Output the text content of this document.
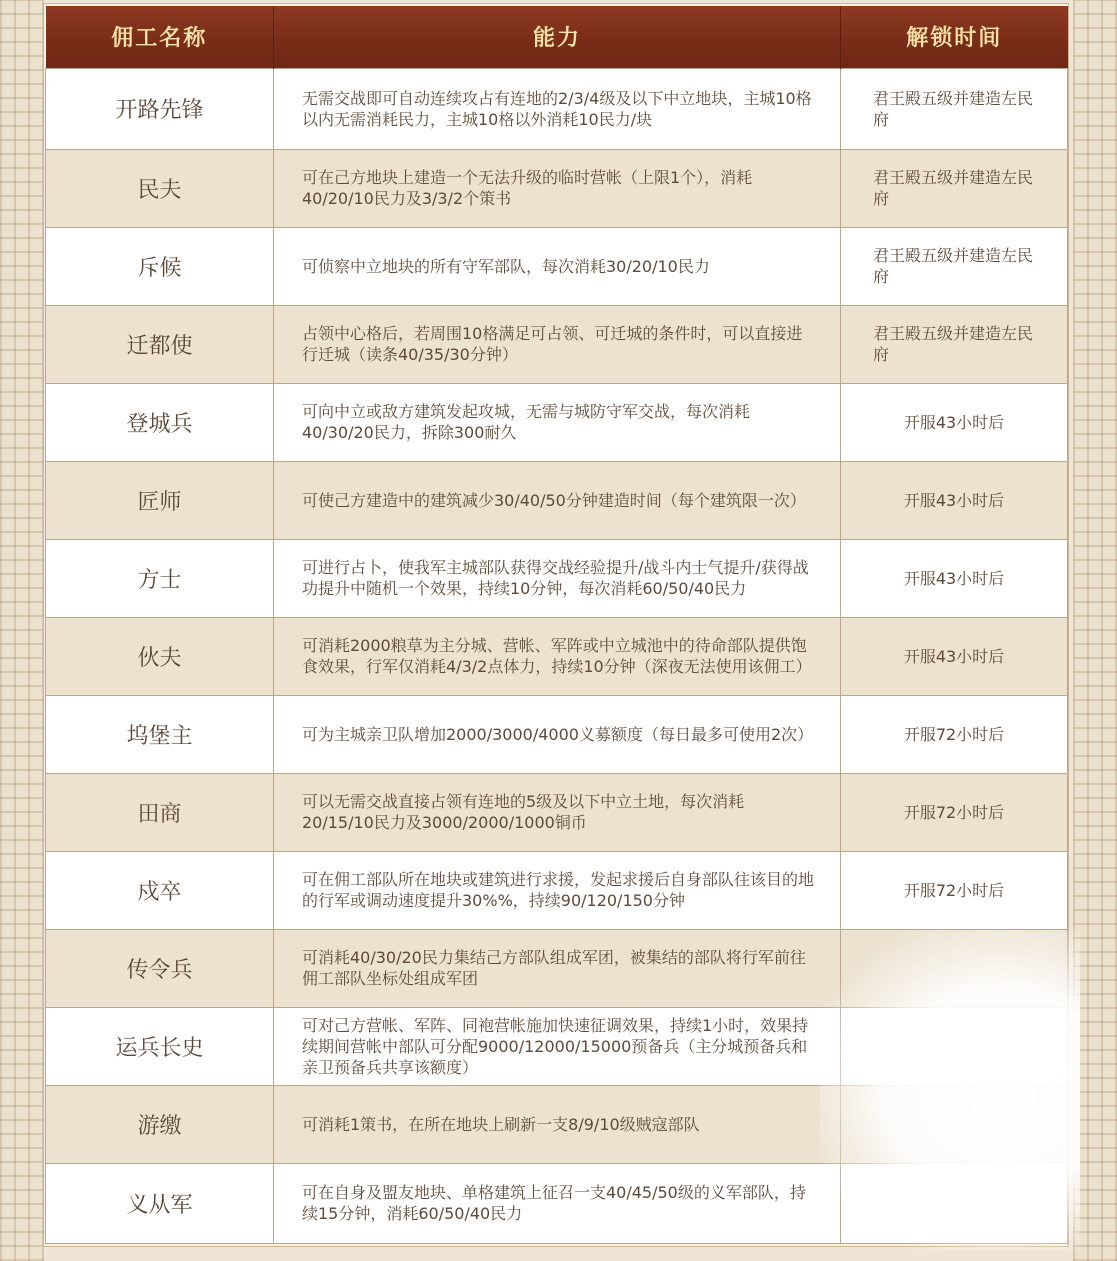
佣工名称	能力	解锁时间
开路先锋	无需交战即可自动连续攻占有连地的2/3/4级及以下中立地块，主城10格以内无需消耗民力，主城10格以外消耗10民力/块	君王殿五级并建造左民府
民夫	可在己方地块上建造一个无法升级的临时营帐（上限1个），消耗40/20/10民力及3/3/2个策书	君王殿五级并建造左民府
斥候	可侦察中立地块的所有守军部队，每次消耗30/20/10民力	君王殿五级并建造左民府
迁都使	占领中心格后，若周围10格满足可占领、可迁城的条件时，可以直接进行迁城（读条40/35/30分钟）	君王殿五级并建造左民府
登城兵	可向中立或敌方建筑发起攻城，无需与城防守军交战，每次消耗40/30/20民力，拆除300耐久	开服43小时后
匠师	可使己方建造中的建筑减少30/40/50分钟建造时间（每个建筑限一次）	开服43小时后
方士	可进行占卜，使我军主城部队获得交战经验提升/战斗内士气提升/获得战功提升中随机一个效果，持续10分钟，每次消耗60/50/40民力	开服43小时后
伙夫	可消耗2000粮草为主分城、营帐、军阵或中立城池中的待命部队提供饱食效果，行军仅消耗4/3/2点体力，持续10分钟（深夜无法使用该佣工）	开服43小时后
坞堡主	可为主城亲卫队增加2000/3000/4000义募额度（每日最多可使用2次）	开服72小时后
田商	可以无需交战直接占领有连地的5级及以下中立土地，每次消耗20/15/10民力及3000/2000/1000铜币	开服72小时后
戍卒	可在佣工部队所在地块或建筑进行求援，发起求援后自身部队往该目的地的行军或调动速度提升30%%，持续90/120/150分钟	开服72小时后
传令兵	可消耗40/30/20民力集结己方部队组成军团，被集结的部队将行军前往佣工部队坐标处组成军团	
运兵长史	可对己方营帐、军阵、同袍营帐施加快速征调效果，持续1小时，效果持续期间营帐中部队可分配9000/12000/15000预备兵（主分城预备兵和亲卫预备兵共享该额度）	
游缴	可消耗1策书，在所在地块上刷新一支8/9/10级贼寇部队	
义从军	可在自身及盟友地块、单格建筑上征召一支40/45/50级的义军部队，持续15分钟，消耗60/50/40民力	
